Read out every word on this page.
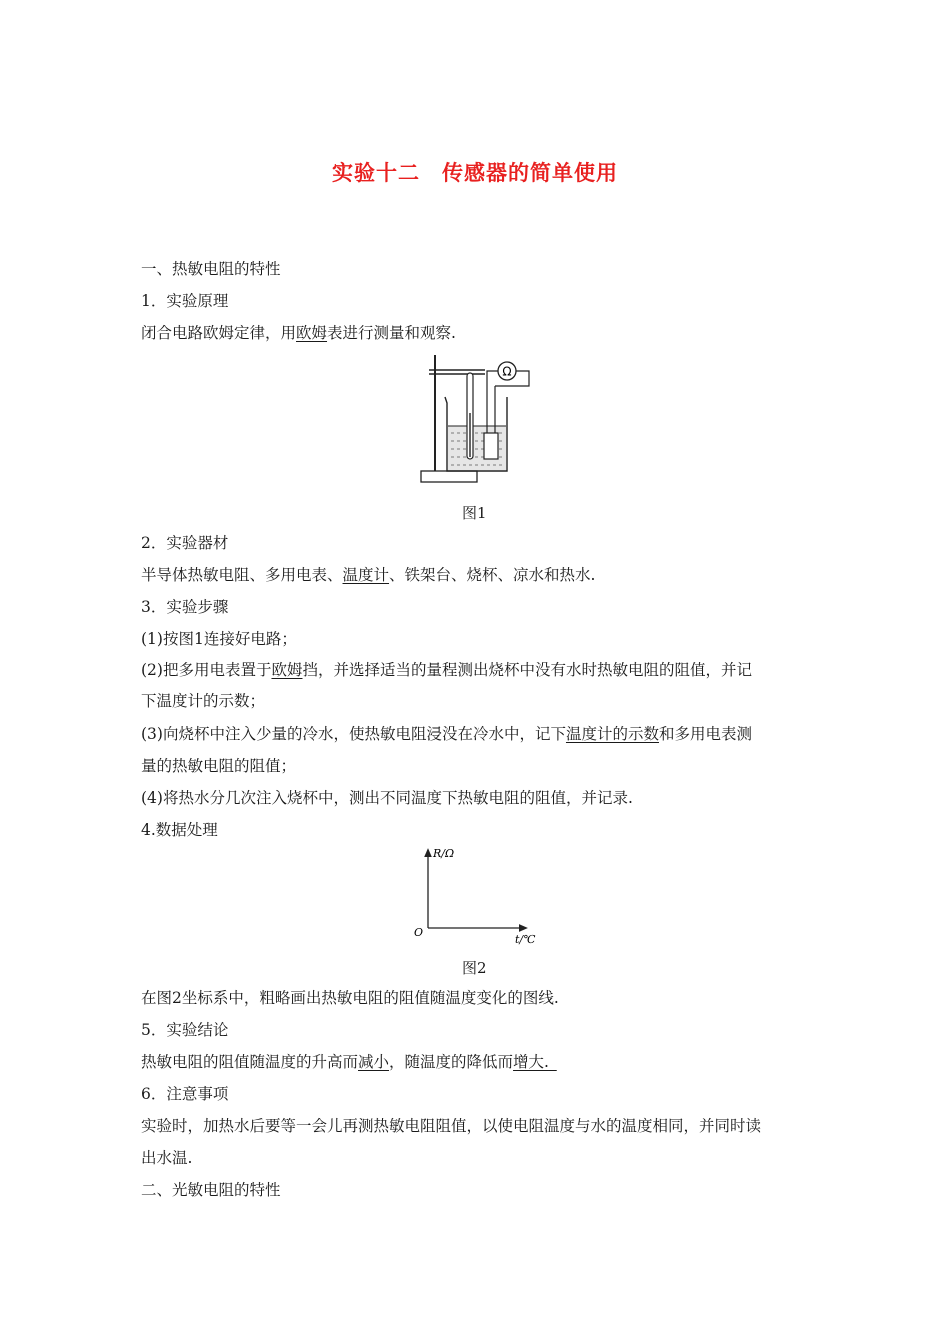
实验十二　传感器的简单使用
一、热敏电阻的特性
1．实验原理
闭合电路欧姆定律，用欧姆表进行测量和观察.
Ω
图1
2．实验器材
半导体热敏电阻、多用电表、温度计、铁架台、烧杯、凉水和热水.
3．实验步骤
(1)按图1连接好电路；
(2)把多用电表置于欧姆挡，并选择适当的量程测出烧杯中没有水时热敏电阻的阻值，并记
下温度计的示数；
(3)向烧杯中注入少量的冷水，使热敏电阻浸没在冷水中，记下温度计的示数和多用电表测
量的热敏电阻的阻值；
(4)将热水分几次注入烧杯中，测出不同温度下热敏电阻的阻值，并记录.
4.数据处理
R/Ω
t/℃
O
图2
在图2坐标系中，粗略画出热敏电阻的阻值随温度变化的图线.
5．实验结论
热敏电阻的阻值随温度的升高而减小，随温度的降低而增大. 
6．注意事项
实验时，加热水后要等一会儿再测热敏电阻阻值，以使电阻温度与水的温度相同，并同时读
出水温.
二、光敏电阻的特性
